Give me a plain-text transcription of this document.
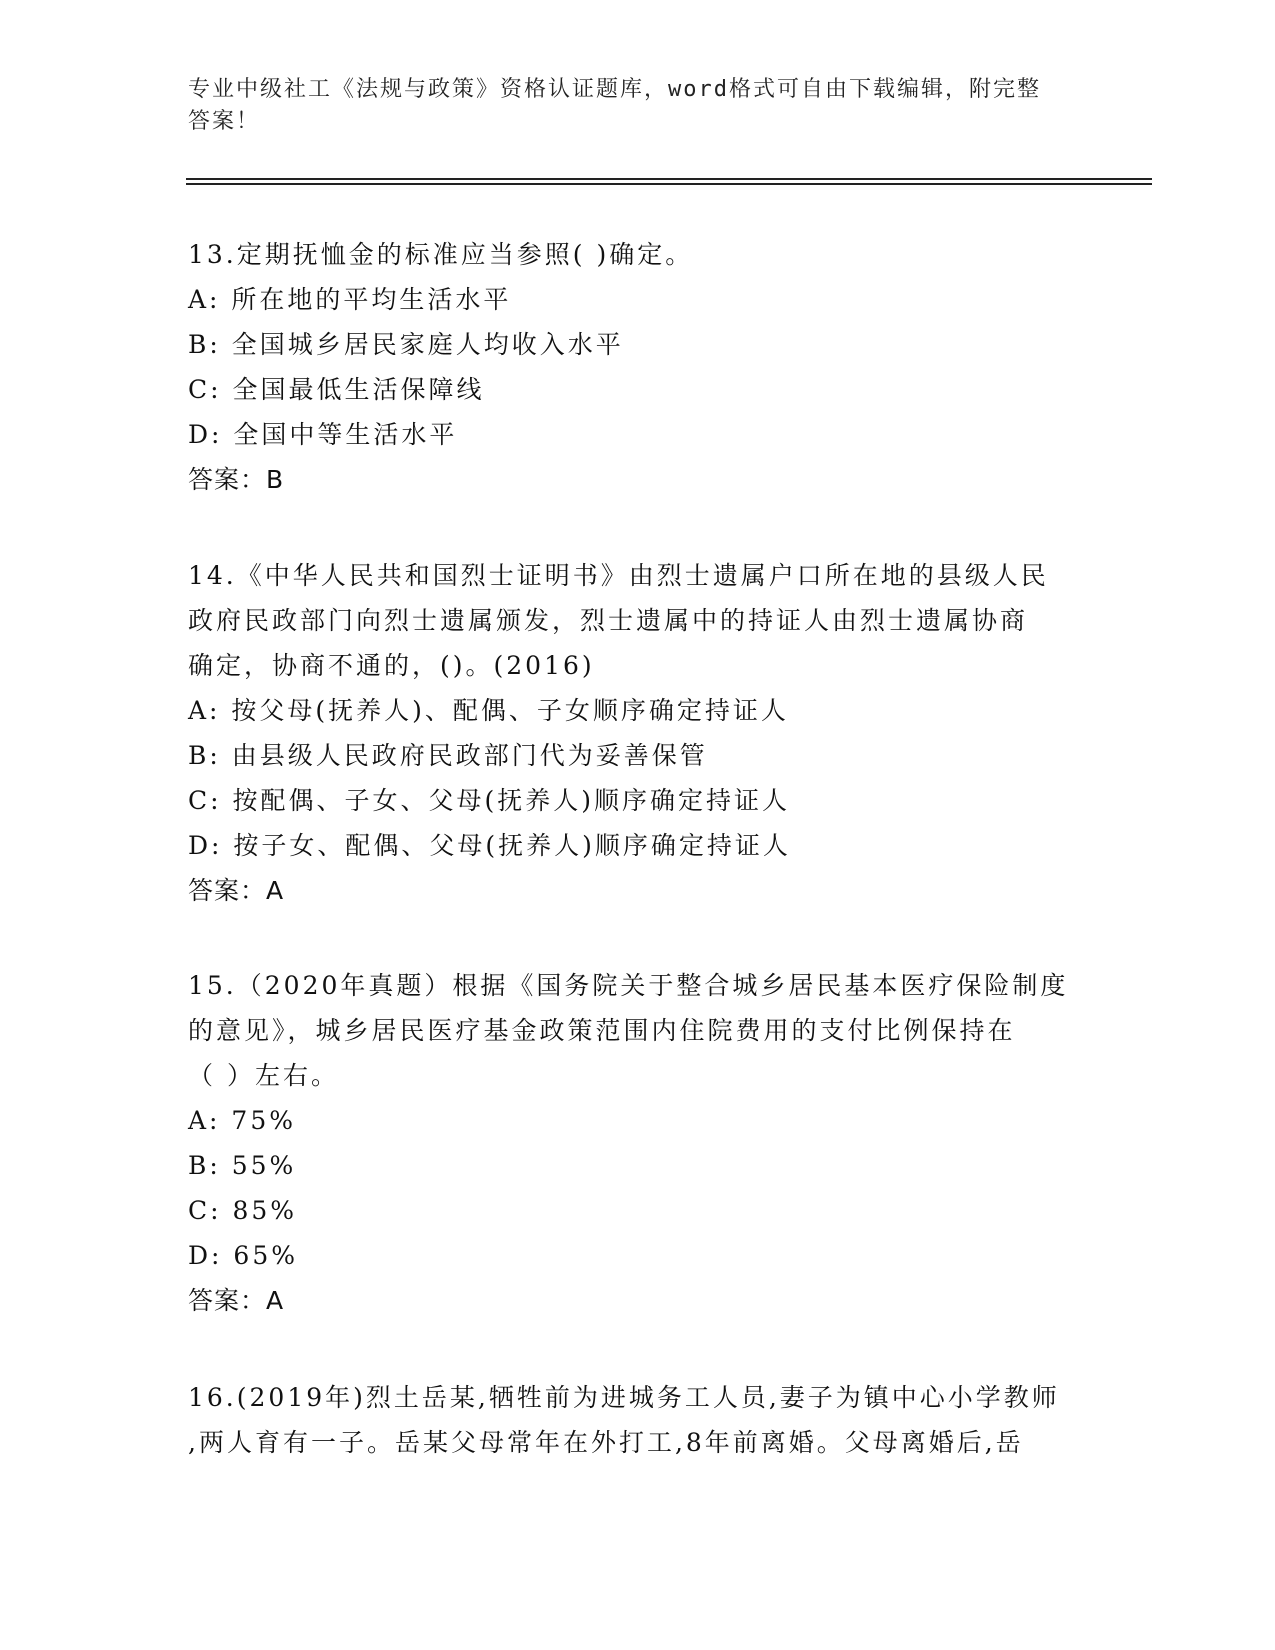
专业中级社工《法规与政策》资格认证题库，word格式可自由下载编辑，附完整
答案！
13.定期抚恤金的标准应当参照( )确定。
A: 所在地的平均生活水平
B: 全国城乡居民家庭人均收入水平
C: 全国最低生活保障线
D: 全国中等生活水平
答案：B
14.《中华人民共和国烈士证明书》由烈士遗属户口所在地的县级人民
政府民政部门向烈士遗属颁发，烈士遗属中的持证人由烈士遗属协商
确定，协商不通的，()。(2016)
A: 按父母(抚养人)、配偶、子女顺序确定持证人
B: 由县级人民政府民政部门代为妥善保管
C: 按配偶、子女、父母(抚养人)顺序确定持证人
D: 按子女、配偶、父母(抚养人)顺序确定持证人
答案：A
15.（2020年真题）根据《国务院关于整合城乡居民基本医疗保险制度
的意见》，城乡居民医疗基金政策范围内住院费用的支付比例保持在
（ ）左右。
A: 75%
B: 55%
C: 85%
D: 65%
答案：A
16.(2019年)烈土岳某,牺牲前为进城务工人员,妻子为镇中心小学教师
,两人育有一子。岳某父母常年在外打工,8年前离婚。父母离婚后,岳
